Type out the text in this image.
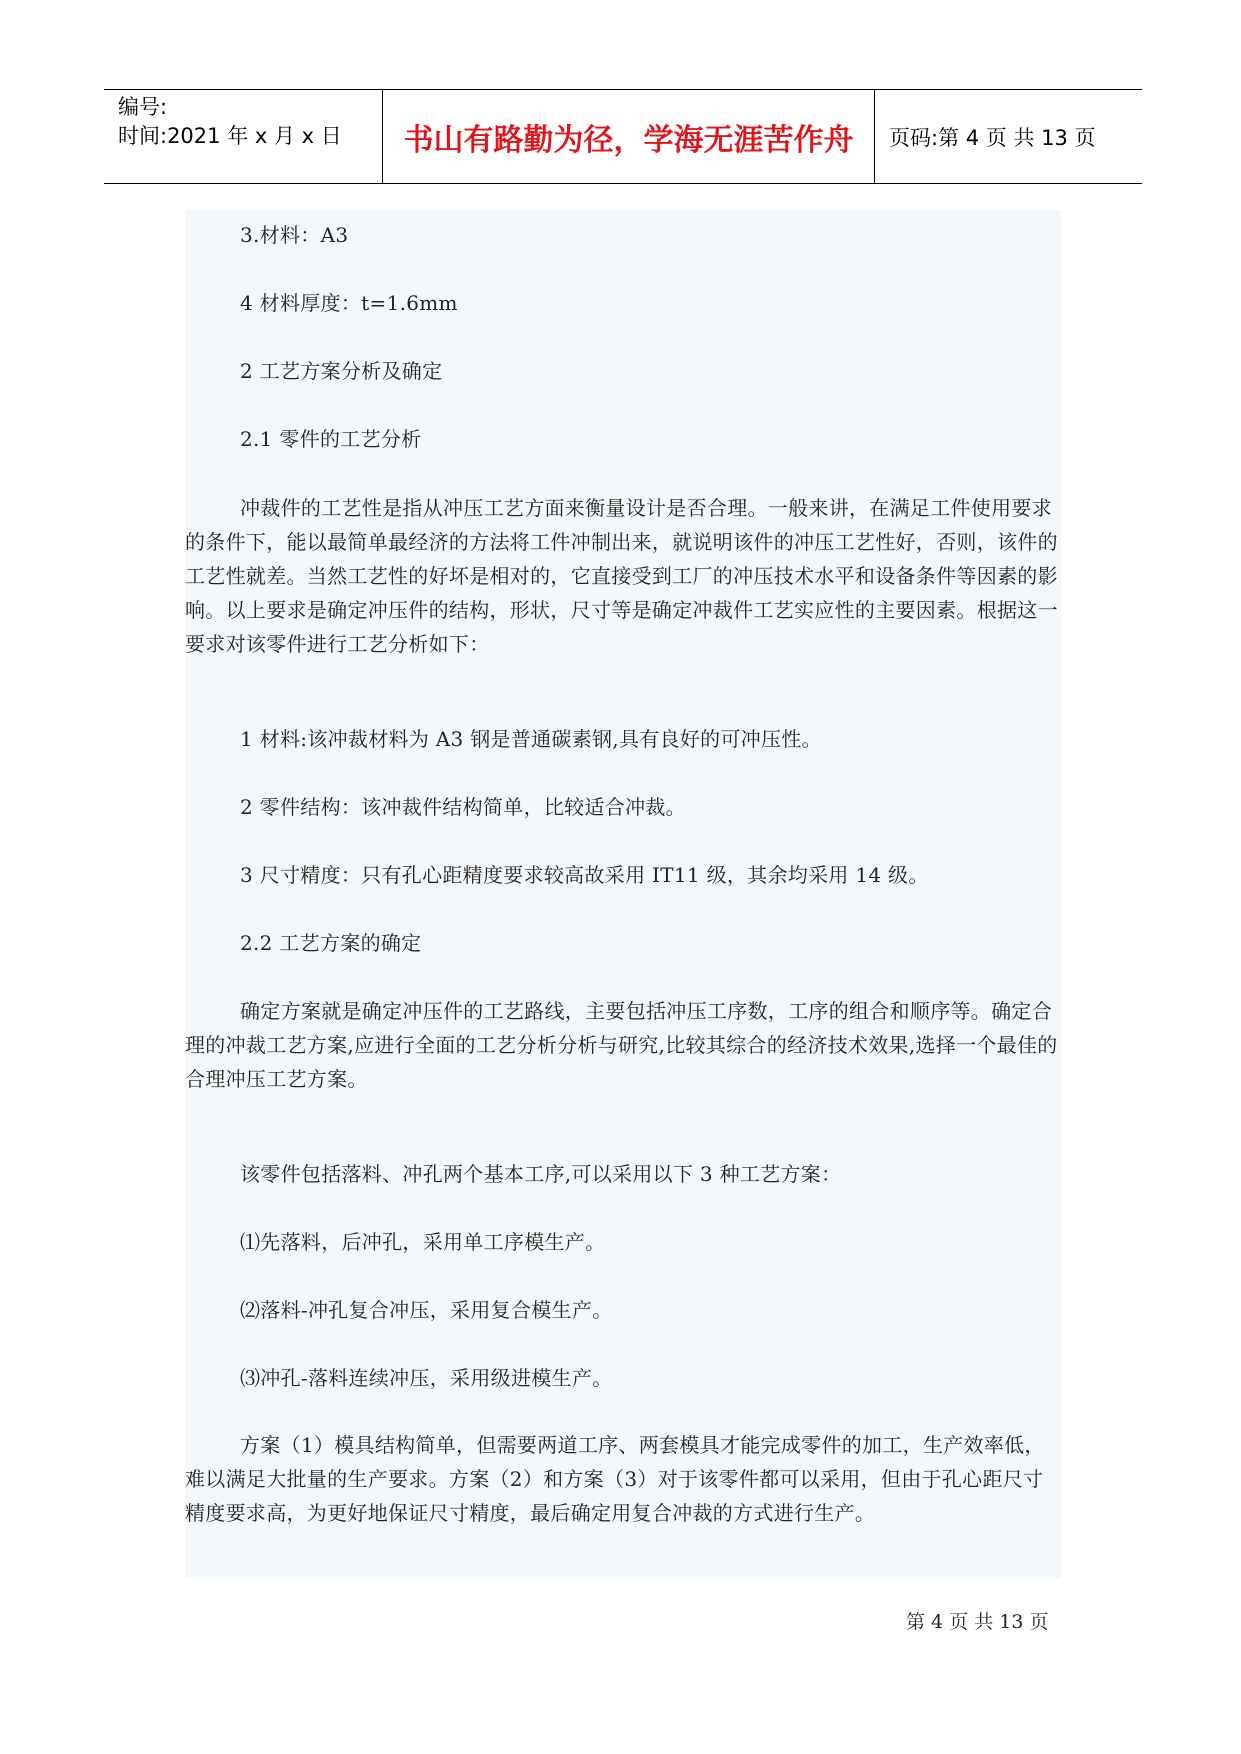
编号:
时间:2021 年 x 月 x 日	书山有路勤为径，学海无涯苦作舟	页码:第 4 页 共 13 页

3.材料：A3

4 材料厚度：t=1.6mm

2 工艺方案分析及确定

2.1 零件的工艺分析

冲裁件的工艺性是指从冲压工艺方面来衡量设计是否合理。一般来讲，在满足工件使用要求的条件下，能以最简单最经济的方法将工件冲制出来，就说明该件的冲压工艺性好，否则，该件的工艺性就差。当然工艺性的好坏是相对的，它直接受到工厂的冲压技术水平和设备条件等因素的影响。以上要求是确定冲压件的结构，形状，尺寸等是确定冲裁件工艺实应性的主要因素。根据这一要求对该零件进行工艺分析如下：

1 材料:该冲裁材料为 A3 钢是普通碳素钢,具有良好的可冲压性。

2 零件结构：该冲裁件结构简单，比较适合冲裁。

3 尺寸精度：只有孔心距精度要求较高故采用 IT11 级，其余均采用 14 级。

2.2 工艺方案的确定

确定方案就是确定冲压件的工艺路线，主要包括冲压工序数，工序的组合和顺序等。确定合理的冲裁工艺方案,应进行全面的工艺分析分析与研究,比较其综合的经济技术效果,选择一个最佳的合理冲压工艺方案。

该零件包括落料、冲孔两个基本工序,可以采用以下 3 种工艺方案：

⑴先落料，后冲孔，采用单工序模生产。

⑵落料-冲孔复合冲压，采用复合模生产。

⑶冲孔-落料连续冲压，采用级进模生产。

方案（1）模具结构简单，但需要两道工序、两套模具才能完成零件的加工，生产效率低，难以满足大批量的生产要求。方案（2）和方案（3）对于该零件都可以采用，但由于孔心距尺寸精度要求高，为更好地保证尺寸精度，最后确定用复合冲裁的方式进行生产。

第 4 页 共 13 页
